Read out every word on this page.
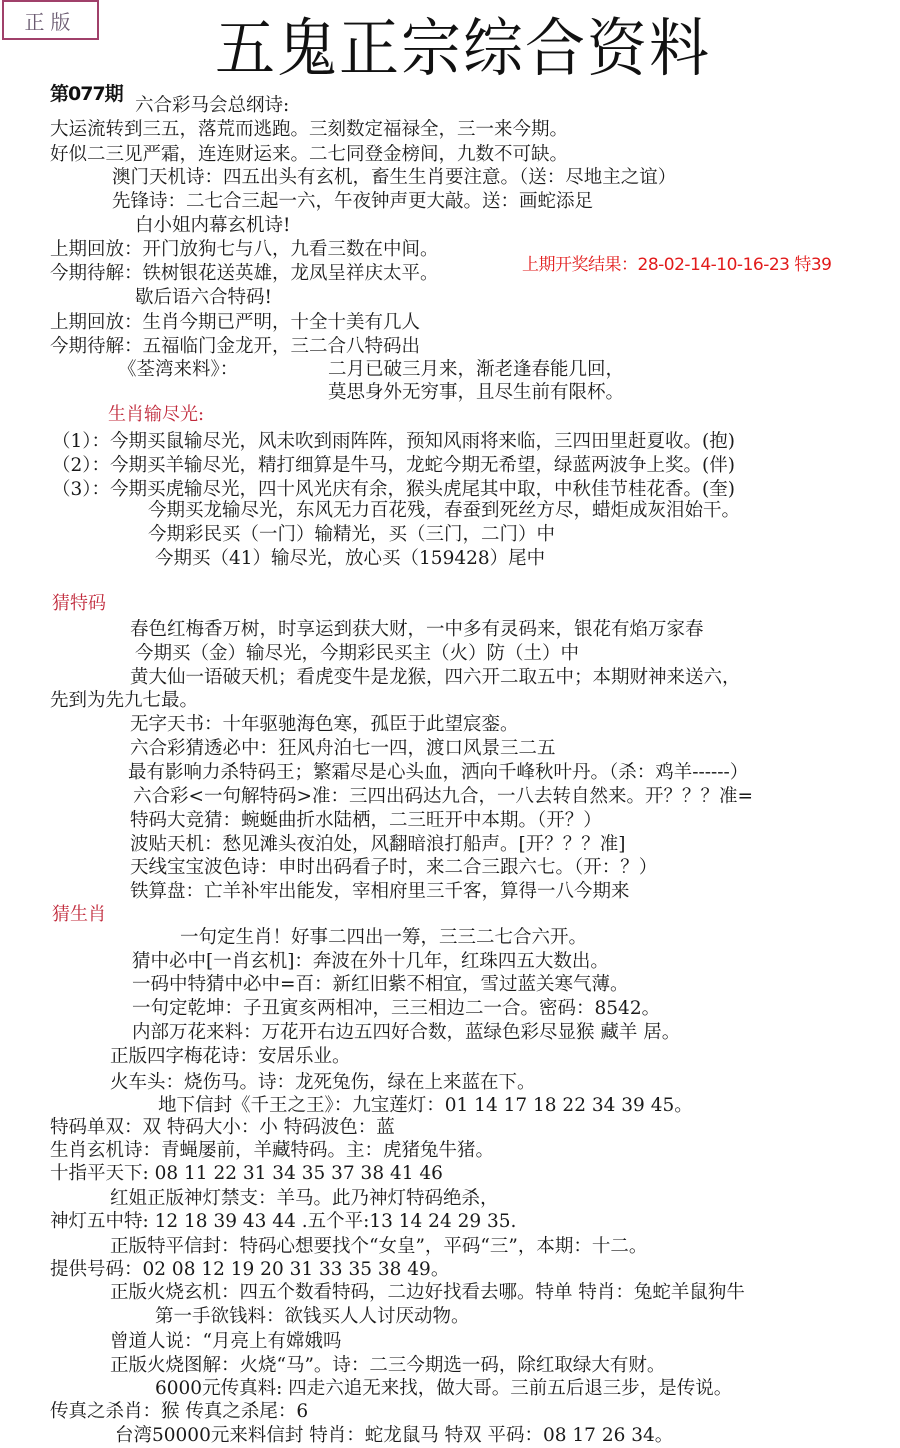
正版	五鬼正宗综合资料
第077期
上期开奖结果：28-02-14-10-16-23 特39
生肖输尽光:
猜特码
猜生肖
六合彩马会总纲诗:
大运流转到三五，落荒而逃跑。三刻数定福禄全，三一来今期。
好似二三见严霜，连连财运来。二七同登金榜间，九数不可缺。
澳门天机诗：四五出头有玄机，畜生生肖要注意。（送：尽地主之谊）
先锋诗：二七合三起一六，午夜钟声更大敲。送：画蛇添足
白小姐内幕玄机诗!
上期回放：开门放狗七与八，九看三数在中间。
今期待解：铁树银花送英雄，龙凤呈祥庆太平。
歇后语六合特码!
上期回放：生肖今期已严明，十全十美有几人
今期待解：五福临门金龙开，三二合八特码出
《荃湾来料》：	二月已破三月来，渐老逢春能几回，
莫思身外无穷事，且尽生前有限杯。
（1）：今期买鼠输尽光，风未吹到雨阵阵，预知风雨将来临，三四田里赶夏收。(抱)
（2）：今期买羊输尽光，精打细算是牛马，龙蛇今期无希望，绿蓝两波争上奖。(伴)
（3）：今期买虎输尽光，四十风光庆有余，猴头虎尾其中取，中秋佳节桂花香。(奎)
今期买龙输尽光，东风无力百花残，春蚕到死丝方尽，蜡炬成灰泪始干。
今期彩民买（一门）输精光，买（三门，二门）中
今期买（41）输尽光，放心买（159428）尾中
春色红梅香万树，时享运到获大财，一中多有灵码来，银花有焰万家春
今期买（金）输尽光，今期彩民买主（火）防（土）中
黄大仙一语破天机；看虎变牛是龙猴，四六开二取五中；本期财神来送六，
先到为先九七最。
无字天书：十年驱驰海色寒，孤臣于此望宸銮。
六合彩猜透必中：狂风舟泊七一四，渡口风景三二五
最有影响力杀特码王；繁霜尽是心头血，洒向千峰秋叶丹。（杀：鸡羊------）
六合彩<一句解特码>准：三四出码达九合，一八去转自然来。开？？？准=
特码大竞猜：蜿蜒曲折水陆栖，二三旺开中本期。（开？）
波贴天机：愁见滩头夜泊处，风翻暗浪打船声。[开？？？准]
天线宝宝波色诗：申时出码看子时，来二合三跟六七。（开：？）
铁算盘：亡羊补牢出能发，宰相府里三千客，算得一八今期来
一句定生肖！好事二四出一筹，三三二七合六开。
猜中必中[一肖玄机]：奔波在外十几年，红珠四五大数出。
一码中特猜中必中=百：新红旧紫不相宜，雪过蓝关寒气薄。
一句定乾坤：子丑寅亥两相冲，三三相边二一合。密码：8542。
内部万花来料：万花开右边五四好合数，蓝绿色彩尽显猴 藏羊 居。
正版四字梅花诗：安居乐业。
火车头：烧伤马。诗：龙死兔伤，绿在上来蓝在下。
地下信封《千王之王》：九宝莲灯：01 14 17 18 22 34 39 45。
特码单双：双 特码大小：小 特码波色：蓝
生肖玄机诗：青蝇屡前，羊藏特码。主：虎猪兔牛猪。
十指平天下: 08 11 22 31 34 35 37 38 41 46
红姐正版神灯禁支：羊马。此乃神灯特码绝杀，
神灯五中特: 12 18 39 43 44 .五个平:13 14 24 29 35.
正版特平信封：特码心想要找个“女皇”，平码“三”，本期：十二。
提供号码：02 08 12 19 20 31 33 35 38 49。
正版火烧玄机：四五个数看特码，二边好找看去哪。特单 特肖：兔蛇羊鼠狗牛
第一手欲钱料：欲钱买人人讨厌动物。
曾道人说：“月亮上有嫦娥吗
正版火烧图解：火烧“马”。诗：二三今期选一码，除红取绿大有财。
6000元传真料: 四走六追无来找，做大哥。三前五后退三步，是传说。
传真之杀肖：猴 传真之杀尾：6
台湾50000元来料信封 特肖：蛇龙鼠马 特双 平码：08 17 26 34。
